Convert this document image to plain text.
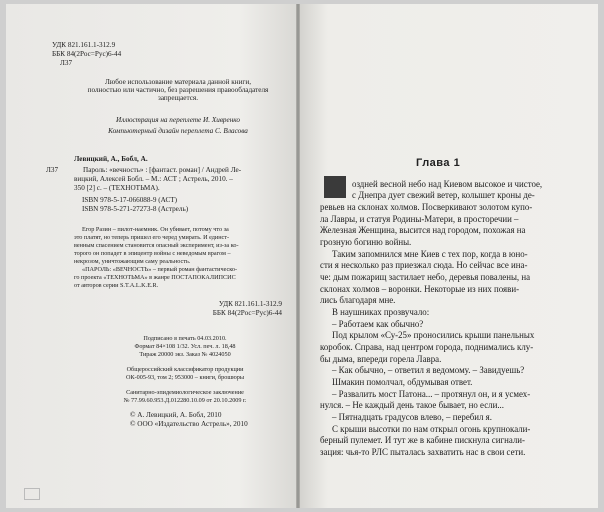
УДК 821.161.1-312.9
ББК 84(2Рос=Рус)6-44
Л37
Любое использование материала данной книги,
полностью или частично, без разрешения правообладателя
запрещается.
Иллюстрация на переплете И. Хивренко
Компьютерный дизайн переплета С. Власова
Левицкий, А., Бобл, А.
Л37	Пароль: «вечность» : [фантаст. роман] / Андрей Ле-
вицкий, Алексей Бобл. – М.: АСТ ; Астрель, 2010. –
350 [2] с. – (ТЕХНОТЬМА).
ISBN 978-5-17-066088-9 (АСТ)
ISBN 978-5-271-27273-8 (Астрель)
Егор Разин – пилот-наемник. Он убивает, потому что за
это платят, но теперь пришел его черед умирать. И единст-
венным спасением становится опасный эксперимент, из-за ко-
торого он попадет в эпицентр войны с неведомым врагом –
некрозом, уничтожающим саму реальность.
«ПАРОЛЬ: «ВЕЧНОСТЬ» – первый роман фантастическо-
го проекта «ТЕХНОТЬМА» в жанре ПОСТАПОКАЛИПСИС
от авторов серии S.T.A.L.K.E.R.
УДК 821.161.1-312.9
ББК 84(2Рос=Рус)6-44
Подписано в печать 04.03.2010.
Формат 84×108 1/32. Усл. печ. л. 18,48
Тираж 20000 экз. Заказ № 4024050
Общероссийский классификатор продукции
ОК-005-93, том 2; 953000 – книги, брошюры
Санитарно-эпидемиологическое заключение
№ 77.99.60.953.Д.012280.10.09 от 20.10.2009 г.
© А. Левицкий, А. Бобл, 2010
© ООО «Издательство Астрель», 2010
Глава 1
оздней весной небо над Киевом высокое и чистое,
с Днепра дует свежий ветер, колышет кроны де-
ревьев на склонах холмов. Посверкивают золотом купо-
ла Лавры, и статуя Родины-Матери, в просторечии –
Железная Женщина, высится над городом, похожая на
грозную богиню войны.
Таким запомнился мне Киев с тех пор, когда в юно-
сти я несколько раз приезжал сюда. Но сейчас все ина-
че: дым пожарищ застилает небо, деревья повалены, на
склонах холмов – воронки. Некоторые из них появи-
лись благодаря мне.
В наушниках прозвучало:
– Работаем как обычно?
Под крылом «Су-25» проносились крыши панельных
коробок. Справа, над центром города, поднимались клу-
бы дыма, впереди горела Лавра.
– Как обычно, – ответил я ведомому. – Завидуешь?
Шмакин помолчал, обдумывая ответ.
– Развалить мост Патона... – протянул он, и я усмех-
нулся. – Не каждый день такое бывает, но если...
– Пятнадцать градусов влево, – перебил я.
С крыши высотки по нам открыл огонь крупнокали-
берный пулемет. И тут же в кабине пискнула сигнали-
зация: чья-то РЛС пыталась захватить нас в свои сети.
